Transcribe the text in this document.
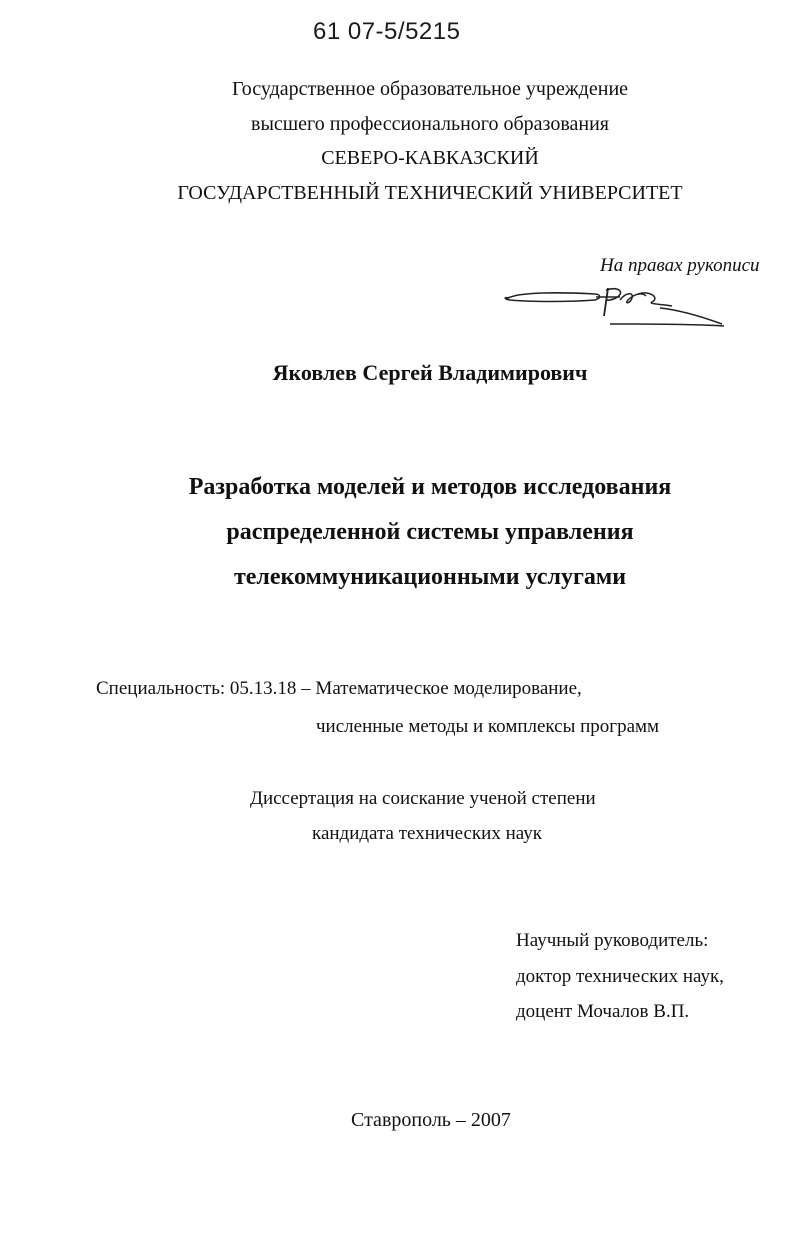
61 07-5/5215
Государственное образовательное учреждение
высшего профессионального образования
СЕВЕРО-КАВКАЗСКИЙ
ГОСУДАРСТВЕННЫЙ ТЕХНИЧЕСКИЙ УНИВЕРСИТЕТ
На правах рукописи
Яковлев Сергей Владимирович
Разработка моделей и методов исследования
распределенной системы управления
телекоммуникационными услугами
Специальность: 05.13.18 – Математическое моделирование,
численные методы и комплексы программ
Диссертация на соискание ученой степени
кандидата технических наук
Научный руководитель:
доктор технических наук,
доцент Мочалов В.П.
Ставрополь – 2007
